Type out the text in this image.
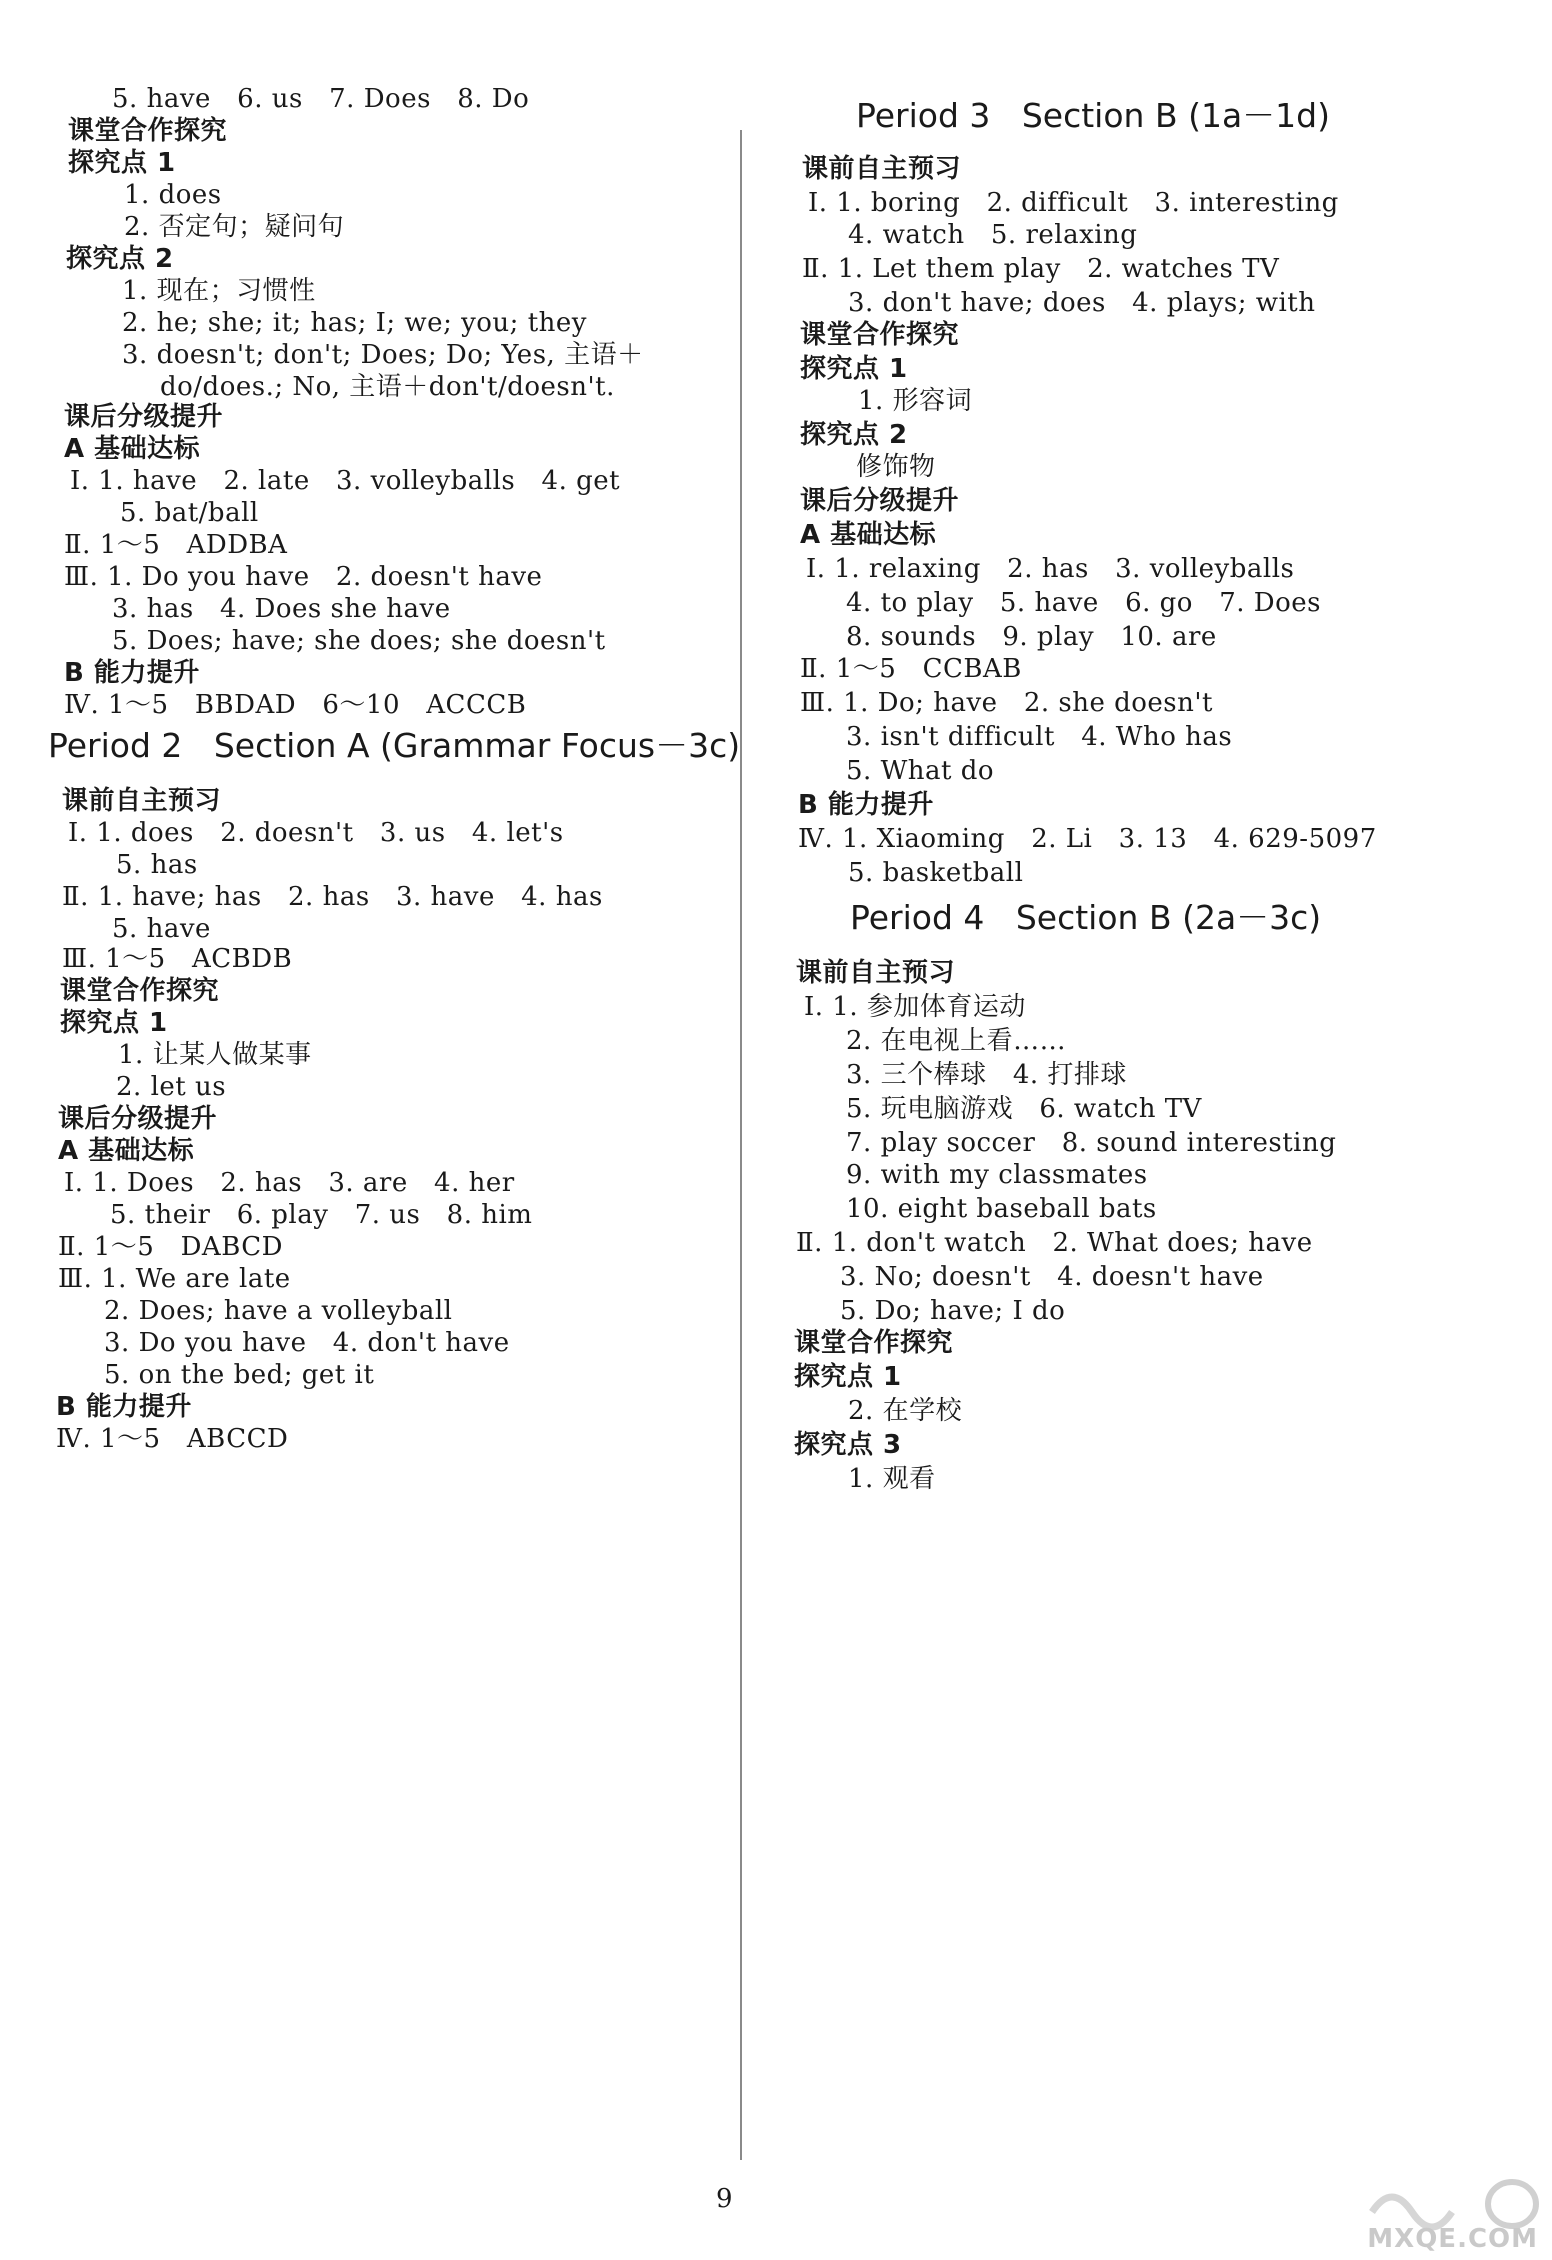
5. have   6. us   7. Does   8. Do
课堂合作探究
探究点 1
1. does
2. 否定句；疑问句
探究点 2
1. 现在；习惯性
2. he; she; it; has; I; we; you; they
3. doesn't; don't; Does; Do; Yes, 主语＋
do/does.; No, 主语＋don't/doesn't.
课后分级提升
A 基础达标
Ⅰ. 1. have   2. late   3. volleyballs   4. get
5. bat/ball
Ⅱ. 1～5   ADDBA
Ⅲ. 1. Do you have   2. doesn't have
3. has   4. Does she have
5. Does; have; she does; she doesn't
B 能力提升
Ⅳ. 1～5   BBDAD   6～10   ACCCB
Period 2   Section A (Grammar Focus－3c)
课前自主预习
Ⅰ. 1. does   2. doesn't   3. us   4. let's
5. has
Ⅱ. 1. have; has   2. has   3. have   4. has
5. have
Ⅲ. 1～5   ACBDB
课堂合作探究
探究点 1
1. 让某人做某事
2. let us
课后分级提升
A 基础达标
Ⅰ. 1. Does   2. has   3. are   4. her
5. their   6. play   7. us   8. him
Ⅱ. 1～5   DABCD
Ⅲ. 1. We are late
2. Does; have a volleyball
3. Do you have   4. don't have
5. on the bed; get it
B 能力提升
Ⅳ. 1～5   ABCCD
Period 3   Section B (1a－1d)
课前自主预习
Ⅰ. 1. boring   2. difficult   3. interesting
4. watch   5. relaxing
Ⅱ. 1. Let them play   2. watches TV
3. don't have; does   4. plays; with
课堂合作探究
探究点 1
1. 形容词
探究点 2
修饰物
课后分级提升
A 基础达标
Ⅰ. 1. relaxing   2. has   3. volleyballs
4. to play   5. have   6. go   7. Does
8. sounds   9. play   10. are
Ⅱ. 1～5   CCBAB
Ⅲ. 1. Do; have   2. she doesn't
3. isn't difficult   4. Who has
5. What do
B 能力提升
Ⅳ. 1. Xiaoming   2. Li   3. 13   4. 629-5097
5. basketball
Period 4   Section B (2a－3c)
课前自主预习
Ⅰ. 1. 参加体育运动
2. 在电视上看……
3. 三个棒球   4. 打排球
5. 玩电脑游戏   6. watch TV
7. play soccer   8. sound interesting
9. with my classmates
10. eight baseball bats
Ⅱ. 1. don't watch   2. What does; have
3. No; doesn't   4. doesn't have
5. Do; have; I do
课堂合作探究
探究点 1
2. 在学校
探究点 3
1. 观看
9
MXQE.COM
